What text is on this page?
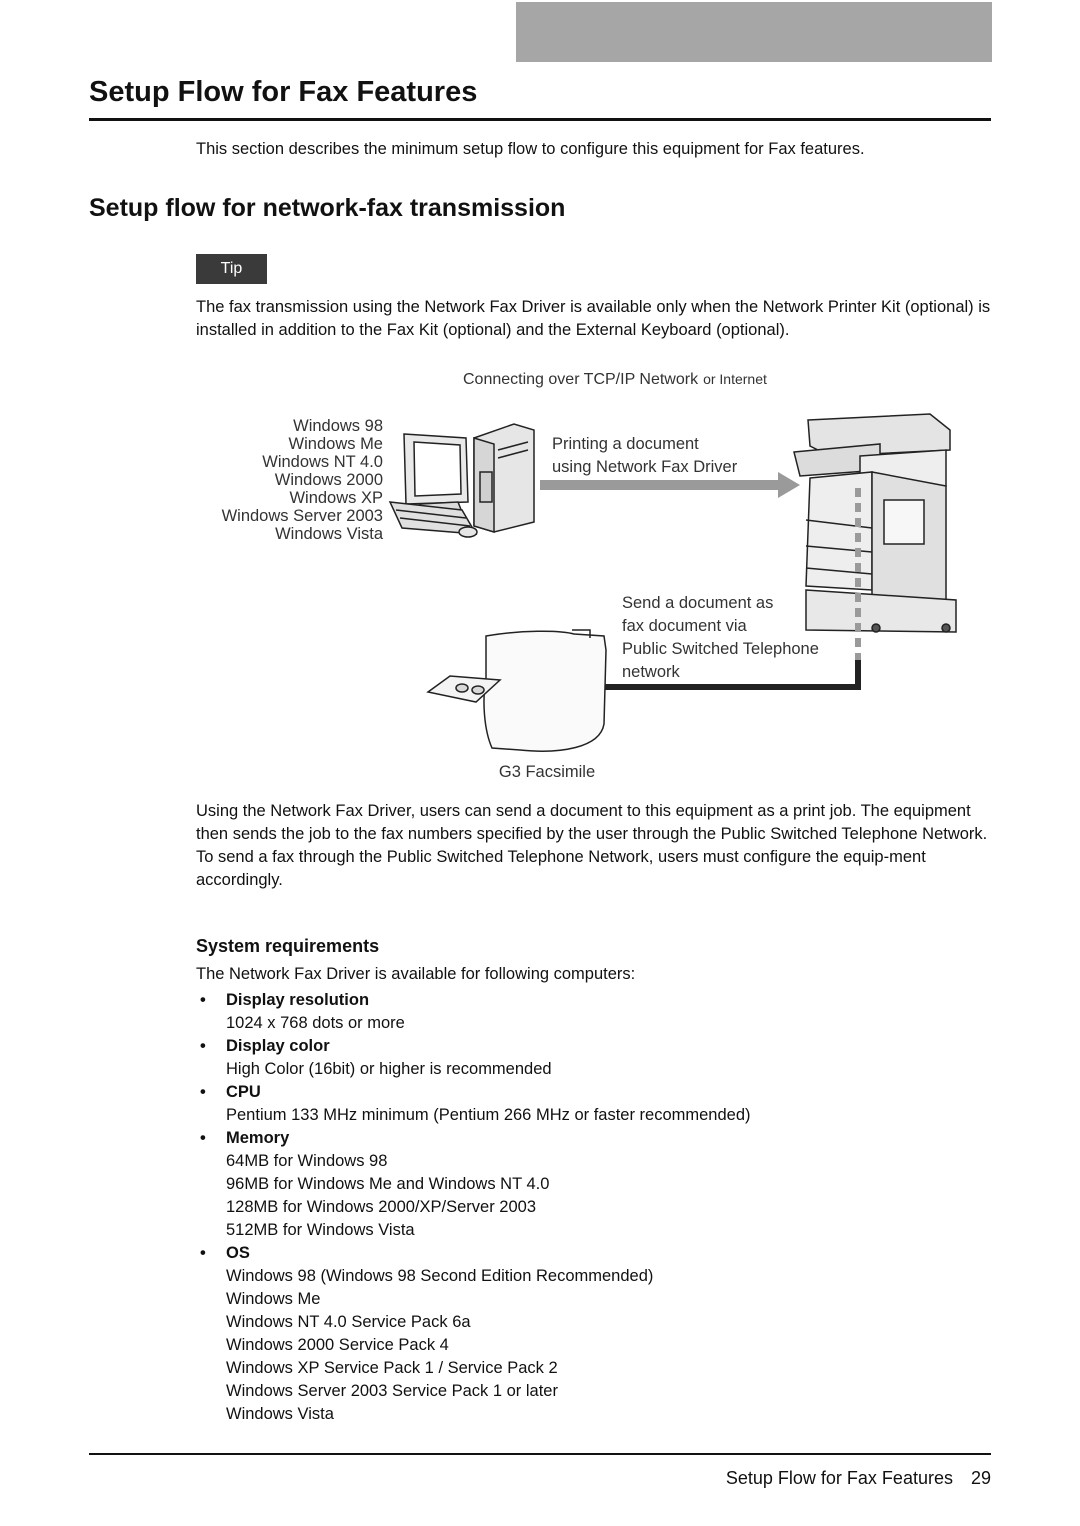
Setup Flow for Fax Features

This section describes the minimum setup flow to configure this equipment for Fax features.

Setup flow for network-fax transmission
Tip

The fax transmission using the Network Fax Driver is available only when the Network Printer Kit (optional) is installed in addition to the Fax Kit (optional) and the External Keyboard (optional).

Connecting over TCP/IP Network or Internet
Windows 98
Windows Me
Windows NT 4.0
Windows 2000
Windows XP
Windows Server 2003
Windows Vista
Printing a document
using Network Fax Driver
Send a document as
fax document via
Public Switched Telephone
network
G3 Facsimile
Using the Network Fax Driver, users can send a document to this equipment as a print job. The equipment then sends the job to the fax numbers specified by the user through the Public Switched Telephone Network.
To send a fax through the Public Switched Telephone Network, users must configure the equip-ment accordingly.
System requirements

The Network Fax Driver is available for following computers:

• Display resolution
1024 x 768 dots or more
• Display color
High Color (16bit) or higher is recommended
• CPU
Pentium 133 MHz minimum (Pentium 266 MHz or faster recommended)
• Memory
64MB for Windows 98
96MB for Windows Me and Windows NT 4.0
128MB for Windows 2000/XP/Server 2003
512MB for Windows Vista
• OS
Windows 98 (Windows 98 Second Edition Recommended)
Windows Me
Windows NT 4.0 Service Pack 6a
Windows 2000 Service Pack 4
Windows XP Service Pack 1 / Service Pack 2
Windows Server 2003 Service Pack 1 or later
Windows Vista
Setup Flow for Fax Features 29
